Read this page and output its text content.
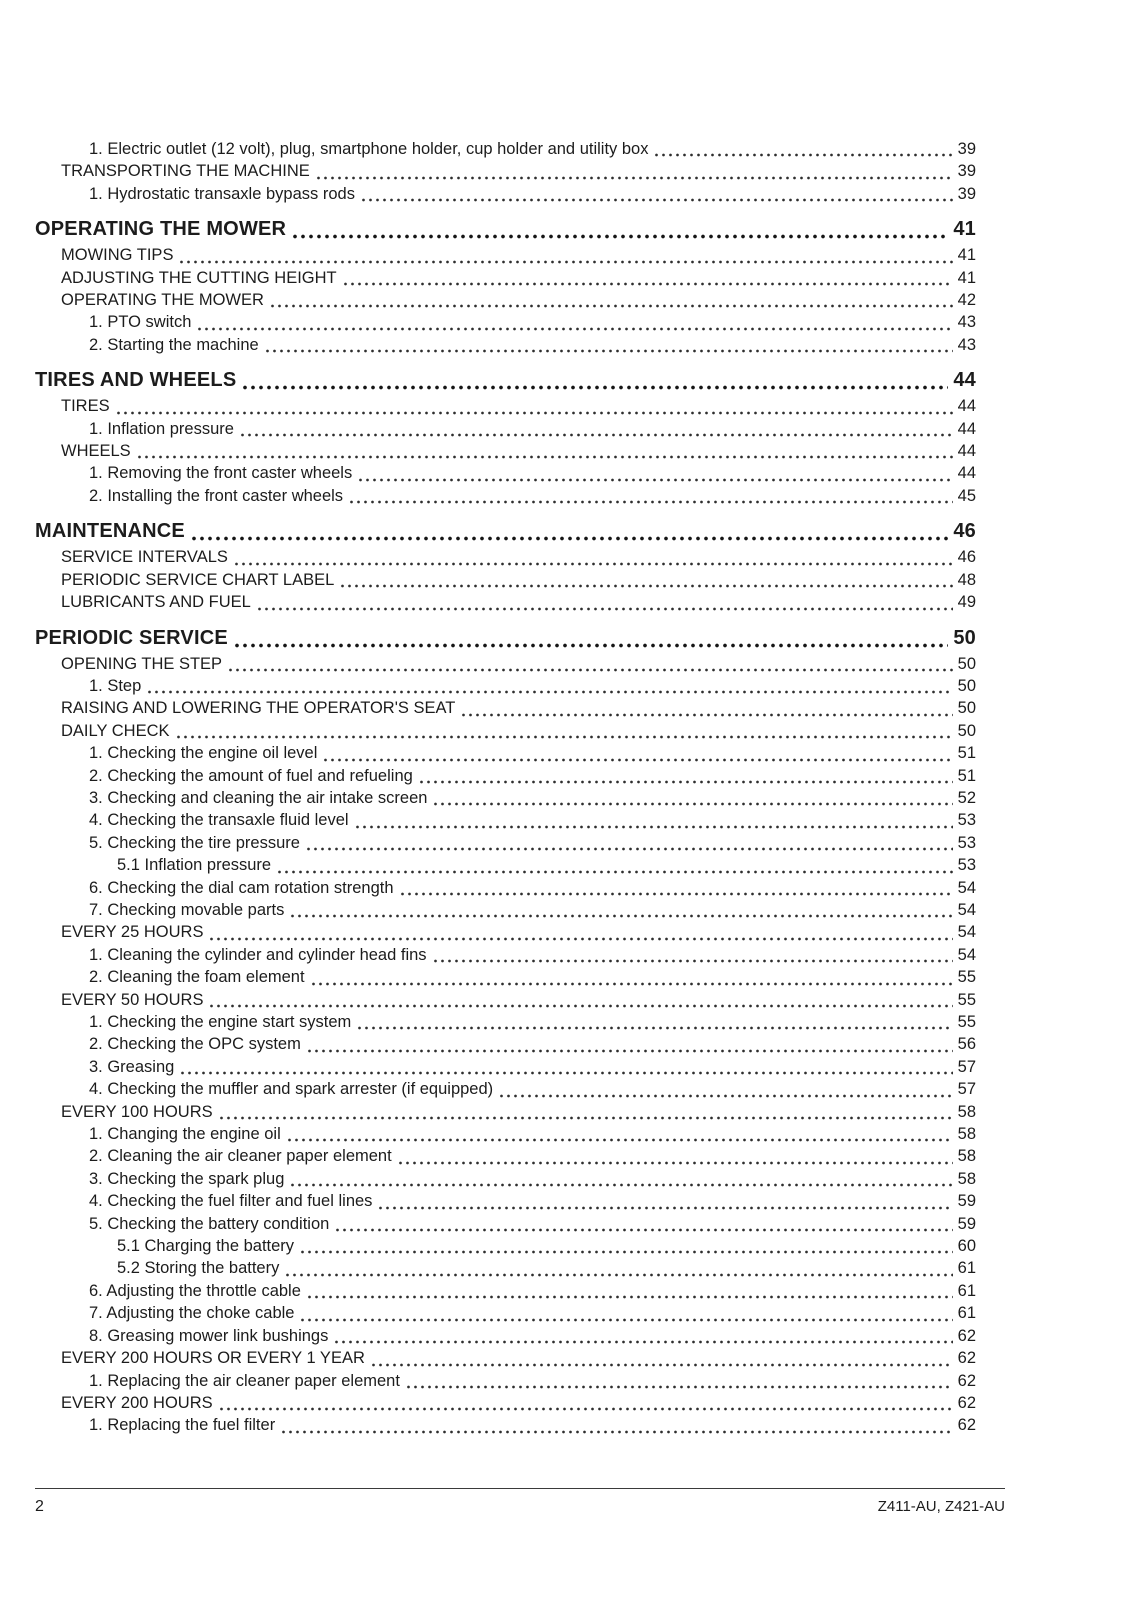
1. Electric outlet (12 volt), plug, smartphone holder, cup holder and utility box	39
TRANSPORTING THE MACHINE	39
1. Hydrostatic transaxle bypass rods	39
OPERATING THE MOWER	41
MOWING TIPS	41
ADJUSTING THE CUTTING HEIGHT	41
OPERATING THE MOWER	42
1. PTO switch	43
2. Starting the machine	43
TIRES AND WHEELS	44
TIRES	44
1. Inflation pressure	44
WHEELS	44
1. Removing the front caster wheels	44
2. Installing the front caster wheels	45
MAINTENANCE	46
SERVICE INTERVALS	46
PERIODIC SERVICE CHART LABEL	48
LUBRICANTS AND FUEL	49
PERIODIC SERVICE	50
OPENING THE STEP	50
1. Step	50
RAISING AND LOWERING THE OPERATOR'S SEAT	50
DAILY CHECK	50
1. Checking the engine oil level	51
2. Checking the amount of fuel and refueling	51
3. Checking and cleaning the air intake screen	52
4. Checking the transaxle fluid level	53
5. Checking the tire pressure	53
5.1 Inflation pressure	53
6. Checking the dial cam rotation strength	54
7. Checking movable parts	54
EVERY 25 HOURS	54
1. Cleaning the cylinder and cylinder head fins	54
2. Cleaning the foam element	55
EVERY 50 HOURS	55
1. Checking the engine start system	55
2. Checking the OPC system	56
3. Greasing	57
4. Checking the muffler and spark arrester (if equipped)	57
EVERY 100 HOURS	58
1. Changing the engine oil	58
2. Cleaning the air cleaner paper element	58
3. Checking the spark plug	58
4. Checking the fuel filter and fuel lines	59
5. Checking the battery condition	59
5.1 Charging the battery	60
5.2 Storing the battery	61
6. Adjusting the throttle cable	61
7. Adjusting the choke cable	61
8. Greasing mower link bushings	62
EVERY 200 HOURS OR EVERY 1 YEAR	62
1. Replacing the air cleaner paper element	62
EVERY 200 HOURS	62
1. Replacing the fuel filter	62
2	Z411-AU, Z421-AU
